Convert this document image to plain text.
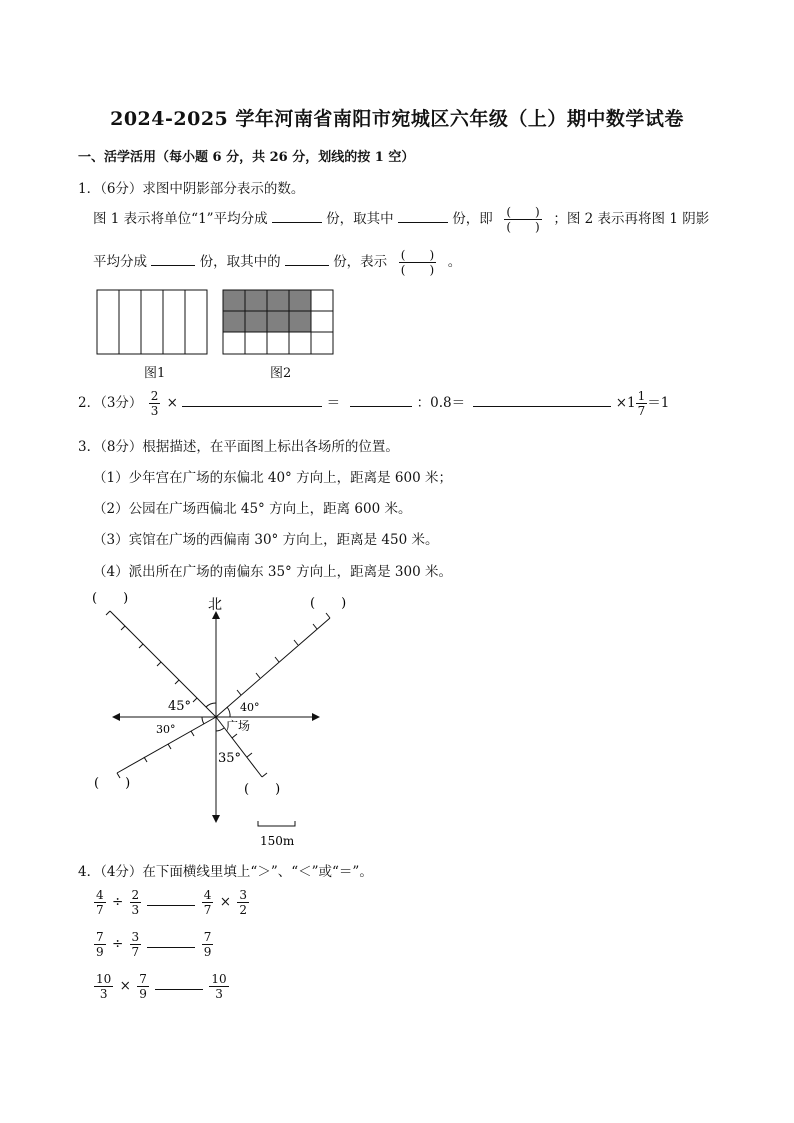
2024-2025 学年河南省南阳市宛城区六年级（上）期中数学试卷
一、活学活用（每小题 6 分，共 26 分，划线的按 1 空）
1．（6分）求图中阴影部分表示的数。
图 1 表示将单位“1”平均分成	份，取其中	份，即 $\frac{( )}{( )}$ ；图 2 表示再将图 1 阴影
平均分成	份，取其中的	份，表示 $\frac{( )}{( )}$ 。
图1	图2
2．（3分） $\frac{2}{3}$ ×	＝	：0.8＝	$\times 1 \frac{1}{7} =1$
3．（8分）根据描述，在平面图上标出各场所的位置。
（1）少年宫在广场的东偏北 40° 方向上，距离是 600 米；
（2）公园在广场西偏北 45° 方向上，距离 600 米。
（3）宾馆在广场的西偏南 30° 方向上，距离是 450 米。
（4）派出所在广场的南偏东 35° 方向上，距离是 300 米。
北
广场
45°	40°
30°
35°
(　　)	(　　)
(　　)	(　　)
150m
4．（4分）在下面横线里填上“＞”、“＜”或“＝”。
$\frac{4}{7} \div \frac{2}{3}$
	$\frac{4}{7} \times \frac{3}{2}$
$\frac{7}{9} \div \frac{3}{7}$
	$\frac{7}{9}$
$\frac{10}{3} \times \frac{7}{9}$
	$\frac{10}{3}$
